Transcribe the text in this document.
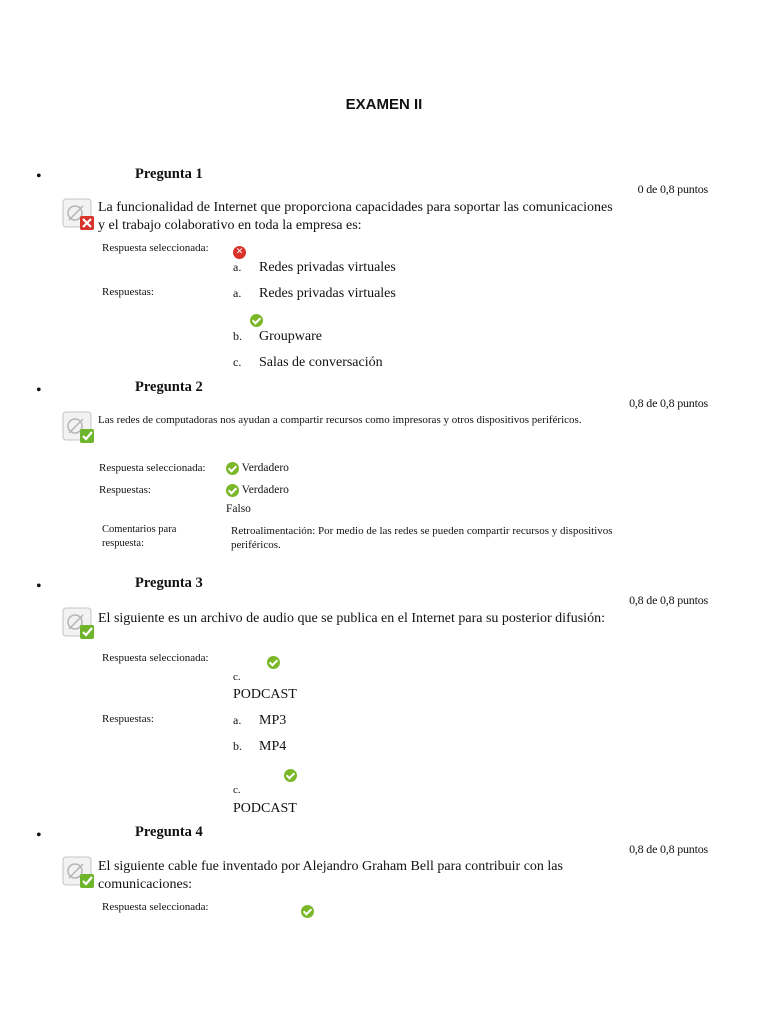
EXAMEN II
•	Pregunta 1
0 de 0,8 puntos
La funcionalidad de Internet que proporciona capacidades para soportar las comunicaciones y el trabajo colaborativo en toda la empresa es:
Respuesta seleccionada:	✕
a. Redes privadas virtuales
Respuestas:	a. Redes privadas virtuales

b. Groupware
c. Salas de conversación
•	Pregunta 2
0,8 de 0,8 puntos
Las redes de computadoras nos ayudan a compartir recursos como impresoras y otros dispositivos periféricos.
Respuesta seleccionada:	Verdadero
Respuestas:	Verdadero
Falso
Comentarios para
respuesta:
Retroalimentación: Por medio de las redes se pueden compartir recursos y dispositivos periféricos.
•	Pregunta 3
0,8 de 0,8 puntos
El siguiente es un archivo de audio que se publica en el Internet para su posterior difusión:
Respuesta seleccionada:

c.
PODCAST
Respuestas:	a. MP3
b. MP4

c.
PODCAST
•	Pregunta 4
0,8 de 0,8 puntos
El siguiente cable fue inventado por Alejandro Graham Bell para contribuir con las comunicaciones:
Respuesta seleccionada:
